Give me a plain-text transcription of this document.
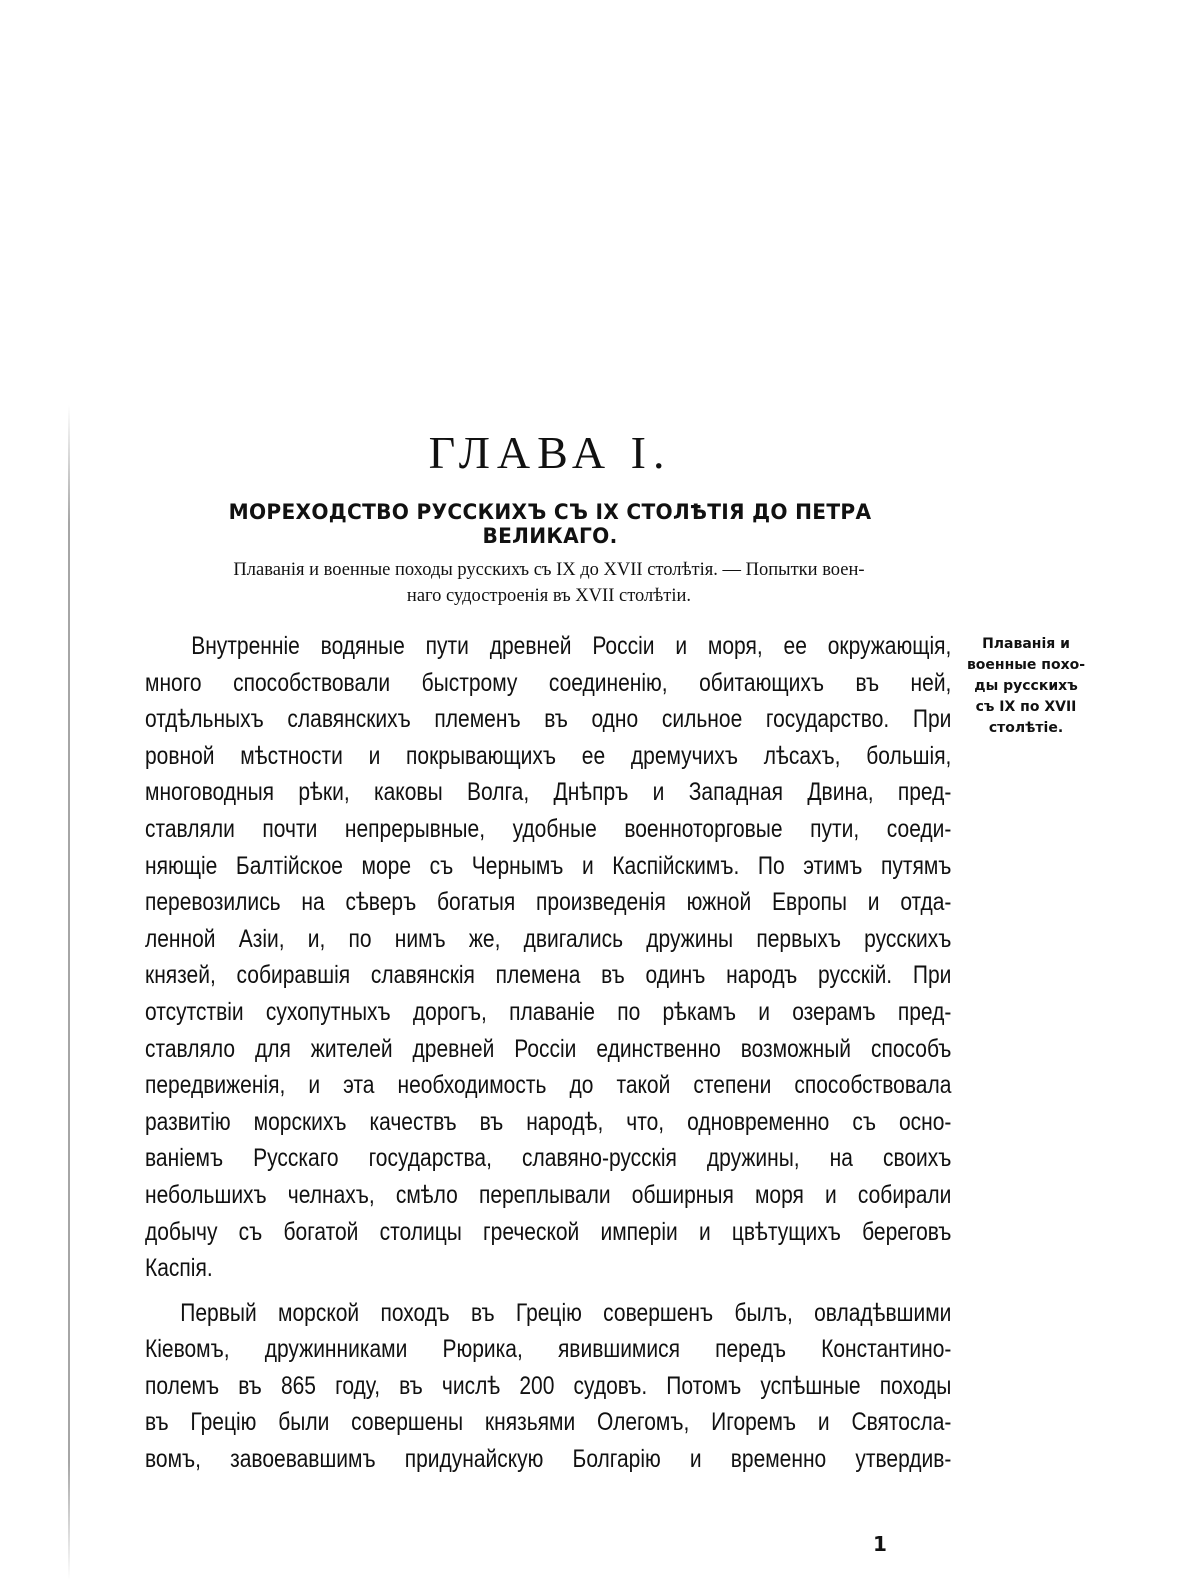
ГЛАВА I.
МОРЕХОДСТВО РУССКИХЪ СЪ IX СТОЛѢТІЯ ДО ПЕТРА ВЕЛИКАГО.
Плаванія и военные походы русскихъ съ IX до XVII столѣтія. — Попытки воен-
наго судостроенія въ XVII столѣтіи.
Плаванія и
военные похо-
ды русскихъ
съ IX по XVII
столѣтіе.
Внутренніе водяные пути древней Россіи и моря, ее окружающія,
много способствовали быстрому соединенію, обитающихъ въ ней,
отдѣльныхъ славянскихъ племенъ въ одно сильное государство. При
ровной мѣстности и покрывающихъ ее дремучихъ лѣсахъ, большія,
многоводныя рѣки, каковы Волга, Днѣпръ и Западная Двина, пред-
ставляли почти непрерывные, удобные военноторговые пути, соеди-
няющіе Балтійское море съ Чернымъ и Каспійскимъ. По этимъ путямъ
перевозились на сѣверъ богатыя произведенія южной Европы и отда-
ленной Азіи, и, по нимъ же, двигались дружины первыхъ русскихъ
князей, собиравшія славянскія племена въ одинъ народъ русскій. При
отсутствіи сухопутныхъ дорогъ, плаваніе по рѣкамъ и озерамъ пред-
ставляло для жителей древней Россіи единственно возможный способъ
передвиженія, и эта необходимость до такой степени способствовала
развитію морскихъ качествъ въ народѣ, что, одновременно съ осно-
ваніемъ Русскаго государства, славяно-русскія дружины, на своихъ
небольшихъ челнахъ, смѣло переплывали обширныя моря и собирали
добычу съ богатой столицы греческой имперіи и цвѣтущихъ береговъ
Каспія.
Первый морской походъ въ Грецію совершенъ былъ, овладѣвшими
Кіевомъ, дружинниками Рюрика, явившимися передъ Константино-
полемъ въ 865 году, въ числѣ 200 судовъ. Потомъ успѣшные походы
въ Грецію были совершены князьями Олегомъ, Игоремъ и Святосла-
вомъ, завоевавшимъ придунайскую Болгарію и временно утвердив-
1
